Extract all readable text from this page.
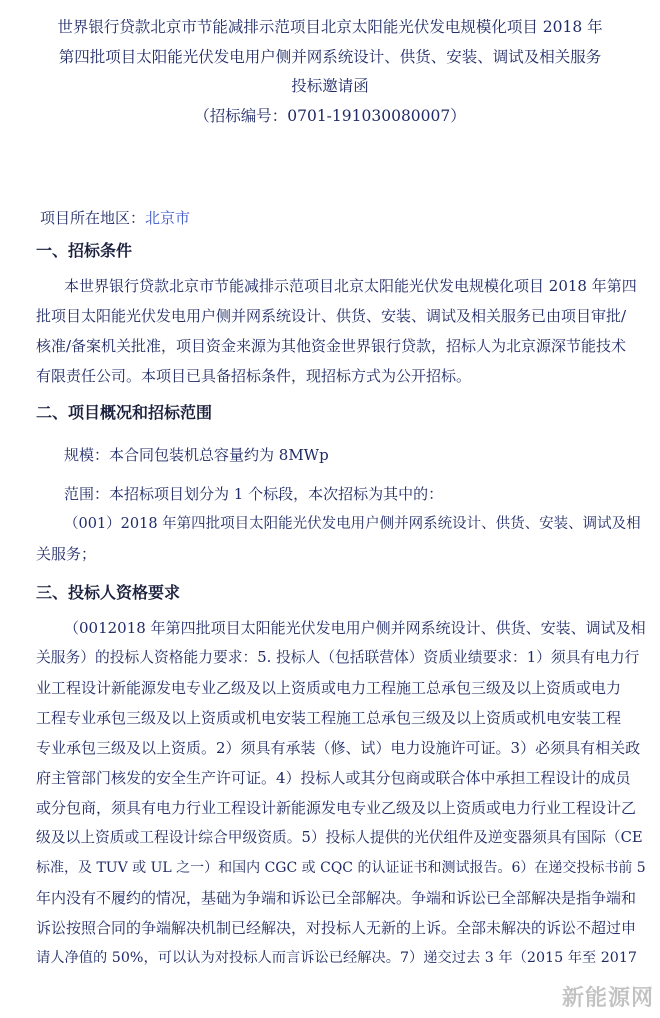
世界银行贷款北京市节能减排示范项目北京太阳能光伏发电规模化项目 2018 年
第四批项目太阳能光伏发电用户侧并网系统设计、供货、安装、调试及相关服务
投标邀请函
（招标编号：0701-191030080007）
项目所在地区：北京市
一、招标条件
本世界银行贷款北京市节能减排示范项目北京太阳能光伏发电规模化项目 2018 年第四
批项目太阳能光伏发电用户侧并网系统设计、供货、安装、调试及相关服务已由项目审批/
核准/备案机关批准，项目资金来源为其他资金世界银行贷款，招标人为北京源深节能技术
有限责任公司。本项目已具备招标条件，现招标方式为公开招标。
二、项目概况和招标范围
规模：本合同包装机总容量约为 8MWp
范围：本招标项目划分为 1 个标段，本次招标为其中的：
（001）2018 年第四批项目太阳能光伏发电用户侧并网系统设计、供货、安装、调试及相
关服务；
三、投标人资格要求
（0012018 年第四批项目太阳能光伏发电用户侧并网系统设计、供货、安装、调试及相
关服务）的投标人资格能力要求：5. 投标人（包括联营体）资质业绩要求：1）须具有电力行
业工程设计新能源发电专业乙级及以上资质或电力工程施工总承包三级及以上资质或电力
工程专业承包三级及以上资质或机电安装工程施工总承包三级及以上资质或机电安装工程
专业承包三级及以上资质。2）须具有承装（修、试）电力设施许可证。3）必须具有相关政
府主管部门核发的安全生产许可证。4）投标人或其分包商或联合体中承担工程设计的成员
或分包商，须具有电力行业工程设计新能源发电专业乙级及以上资质或电力行业工程设计乙
级及以上资质或工程设计综合甲级资质。5）投标人提供的光伏组件及逆变器须具有国际（CE
标准，及 TUV 或 UL 之一）和国内 CGC 或 CQC 的认证证书和测试报告。6）在递交投标书前 5
年内没有不履约的情况，基础为争端和诉讼已全部解决。争端和诉讼已全部解决是指争端和
诉讼按照合同的争端解决机制已经解决，对投标人无新的上诉。全部未解决的诉讼不超过申
请人净值的 50%，可以认为对投标人而言诉讼已经解决。7）递交过去 3 年（2015 年至 2017
新能源网
